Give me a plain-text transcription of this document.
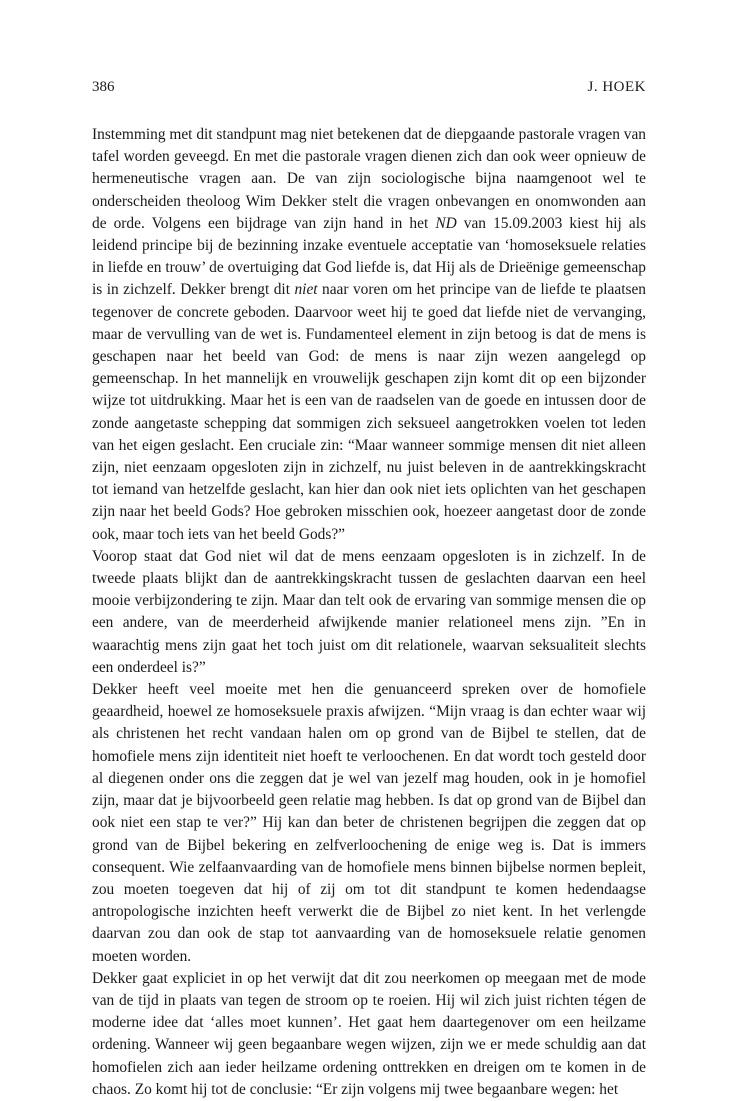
386	J. HOEK

Instemming met dit standpunt mag niet betekenen dat de diepgaande pastorale vragen van tafel worden geveegd. En met die pastorale vragen dienen zich dan ook weer opnieuw de hermeneutische vragen aan. De van zijn sociologische bijna naamgenoot wel te onderscheiden theoloog Wim Dekker stelt die vragen onbevangen en onomwonden aan de orde. Volgens een bijdrage van zijn hand in het ND van 15.09.2003 kiest hij als leidend principe bij de bezinning inzake eventuele acceptatie van ‘homoseksuele relaties in liefde en trouw’ de overtuiging dat God liefde is, dat Hij als de Drieënige gemeenschap is in zichzelf. Dekker brengt dit niet naar voren om het principe van de liefde te plaatsen tegenover de concrete geboden. Daarvoor weet hij te goed dat liefde niet de vervanging, maar de vervulling van de wet is. Fundamenteel element in zijn betoog is dat de mens is geschapen naar het beeld van God: de mens is naar zijn wezen aangelegd op gemeenschap. In het mannelijk en vrouwelijk geschapen zijn komt dit op een bijzonder wijze tot uitdrukking. Maar het is een van de raadselen van de goede en intussen door de zonde aangetaste schepping dat sommigen zich seksueel aangetrokken voelen tot leden van het eigen geslacht. Een cruciale zin: “Maar wanneer sommige mensen dit niet alleen zijn, niet eenzaam opgesloten zijn in zichzelf, nu juist beleven in de aantrekkingskracht tot iemand van hetzelfde geslacht, kan hier dan ook niet iets oplichten van het geschapen zijn naar het beeld Gods? Hoe gebroken misschien ook, hoezeer aangetast door de zonde ook, maar toch iets van het beeld Gods?”

Voorop staat dat God niet wil dat de mens eenzaam opgesloten is in zichzelf. In de tweede plaats blijkt dan de aantrekkingskracht tussen de geslachten daarvan een heel mooie verbijzondering te zijn. Maar dan telt ook de ervaring van sommige mensen die op een andere, van de meerderheid afwijkende manier relationeel mens zijn. ”En in waarachtig mens zijn gaat het toch juist om dit relationele, waarvan seksualiteit slechts een onderdeel is?”

Dekker heeft veel moeite met hen die genuanceerd spreken over de homofiele geaardheid, hoewel ze homoseksuele praxis afwijzen. “Mijn vraag is dan echter waar wij als christenen het recht vandaan halen om op grond van de Bijbel te stellen, dat de homofiele mens zijn identiteit niet hoeft te verloochenen. En dat wordt toch gesteld door al diegenen onder ons die zeggen dat je wel van jezelf mag houden, ook in je homofiel zijn, maar dat je bijvoorbeeld geen relatie mag hebben. Is dat op grond van de Bijbel dan ook niet een stap te ver?” Hij kan dan beter de christenen begrijpen die zeggen dat op grond van de Bijbel bekering en zelfverloochening de enige weg is. Dat is immers consequent. Wie zelfaanvaarding van de homofiele mens binnen bijbelse normen bepleit, zou moeten toegeven dat hij of zij om tot dit standpunt te komen hedendaagse antropologische inzichten heeft verwerkt die de Bijbel zo niet kent. In het verlengde daarvan zou dan ook de stap tot aanvaarding van de homoseksuele relatie genomen moeten worden.

Dekker gaat expliciet in op het verwijt dat dit zou neerkomen op meegaan met de mode van de tijd in plaats van tegen de stroom op te roeien. Hij wil zich juist richten tégen de moderne idee dat ‘alles moet kunnen’. Het gaat hem daartegenover om een heilzame ordening. Wanneer wij geen begaanbare wegen wijzen, zijn we er mede schuldig aan dat homofielen zich aan ieder heilzame ordening onttrekken en dreigen om te komen in de chaos. Zo komt hij tot de conclusie: “Er zijn volgens mij twee begaanbare wegen: het
